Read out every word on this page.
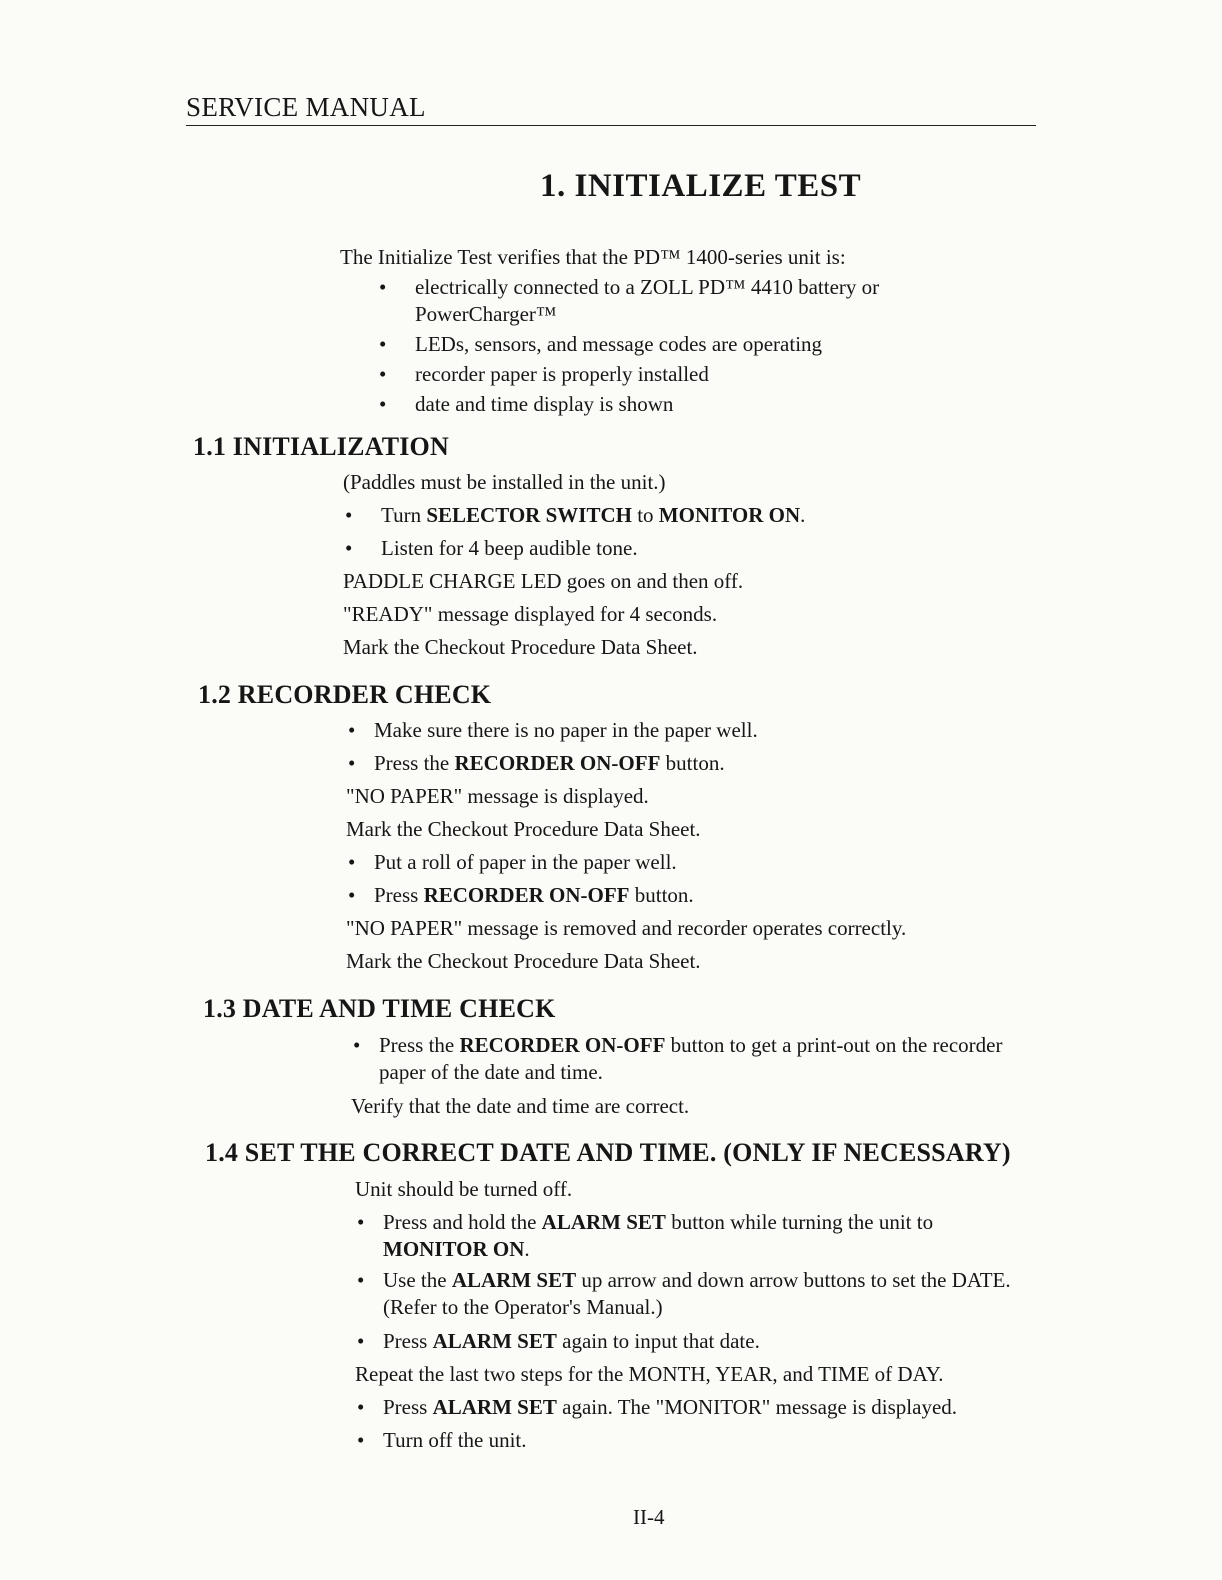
SERVICE MANUAL
1. INITIALIZE TEST

The Initialize Test verifies that the PD™ 1400-series unit is:

• electrically connected to a ZOLL PD™ 4410 battery or PowerCharger™
• LEDs, sensors, and message codes are operating
• recorder paper is properly installed
• date and time display is shown
1.1 INITIALIZATION

(Paddles must be installed in the unit.)

• Turn SELECTOR SWITCH to MONITOR ON.
• Listen for 4 beep audible tone.

PADDLE CHARGE LED goes on and then off.

"READY" message displayed for 4 seconds.

Mark the Checkout Procedure Data Sheet.

1.2 RECORDER CHECK
• Make sure there is no paper in the paper well.
• Press the RECORDER ON-OFF button.

"NO PAPER" message is displayed.

Mark the Checkout Procedure Data Sheet.

• Put a roll of paper in the paper well.
• Press RECORDER ON-OFF button.

"NO PAPER" message is removed and recorder operates correctly.

Mark the Checkout Procedure Data Sheet.

1.3 DATE AND TIME CHECK
• Press the RECORDER ON-OFF button to get a print-out on the recorder paper of the date and time.

Verify that the date and time are correct.

1.4 SET THE CORRECT DATE AND TIME. (ONLY IF NECESSARY)

Unit should be turned off.

• Press and hold the ALARM SET button while turning the unit to MONITOR ON.
• Use the ALARM SET up arrow and down arrow buttons to set the DATE. (Refer to the Operator's Manual.)
• Press ALARM SET again to input that date.

Repeat the last two steps for the MONTH, YEAR, and TIME of DAY.

• Press ALARM SET again. The "MONITOR" message is displayed.
• Turn off the unit.
II-4
